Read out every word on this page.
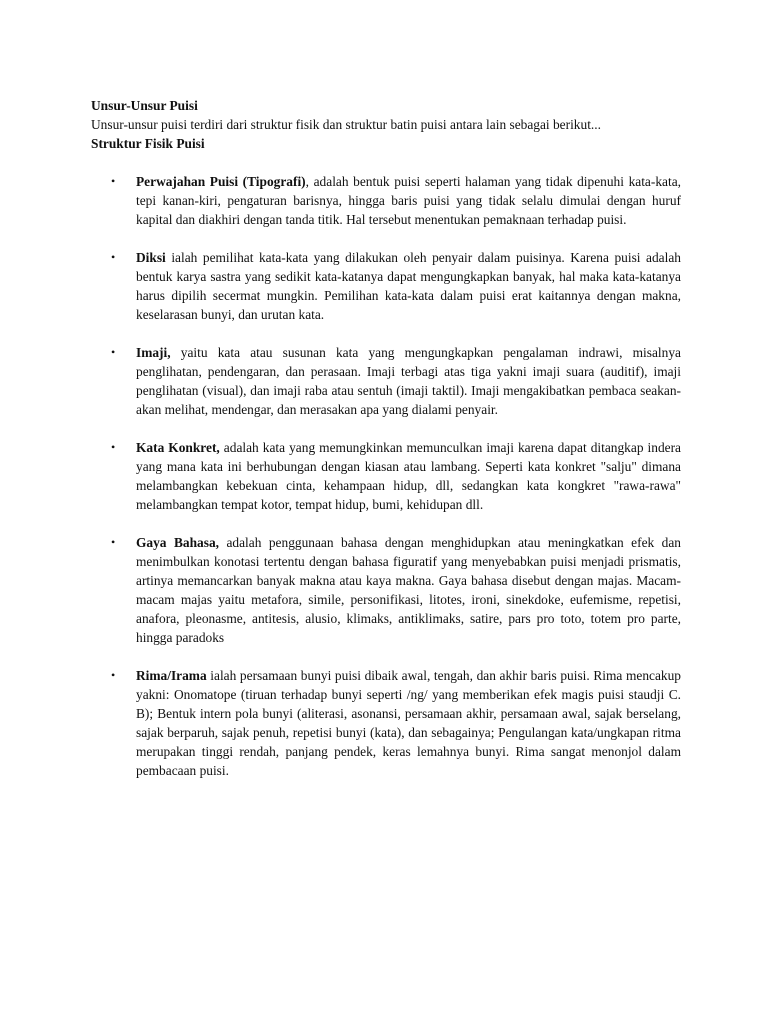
Unsur-Unsur Puisi

Unsur-unsur puisi terdiri dari struktur fisik dan struktur batin puisi antara lain sebagai berikut...

Struktur Fisik Puisi

• Perwajahan Puisi (Tipografi), adalah bentuk puisi seperti halaman yang tidak dipenuhi kata-kata, tepi kanan-kiri, pengaturan barisnya, hingga baris puisi yang tidak selalu dimulai dengan huruf kapital dan diakhiri dengan tanda titik. Hal tersebut menentukan pemaknaan terhadap puisi.
• Diksi ialah pemilihat kata-kata yang dilakukan oleh penyair dalam puisinya. Karena puisi adalah bentuk karya sastra yang sedikit kata-katanya dapat mengungkapkan banyak, hal maka kata-katanya harus dipilih secermat mungkin. Pemilihan kata-kata dalam puisi erat kaitannya dengan makna, keselarasan bunyi, dan urutan kata.
• Imaji, yaitu kata atau susunan kata yang mengungkapkan pengalaman indrawi, misalnya penglihatan, pendengaran, dan perasaan. Imaji terbagi atas tiga yakni imaji suara (auditif), imaji penglihatan (visual), dan imaji raba atau sentuh (imaji taktil). Imaji mengakibatkan pembaca seakan-akan melihat, mendengar, dan merasakan apa yang dialami penyair.
• Kata Konkret, adalah kata yang memungkinkan memunculkan imaji karena dapat ditangkap indera yang mana kata ini berhubungan dengan kiasan atau lambang. Seperti kata konkret "salju" dimana melambangkan kebekuan cinta, kehampaan hidup, dll, sedangkan kata kongkret "rawa-rawa" melambangkan tempat kotor, tempat hidup, bumi, kehidupan dll.
• Gaya Bahasa, adalah penggunaan bahasa dengan menghidupkan atau meningkatkan efek dan menimbulkan konotasi tertentu dengan bahasa figuratif yang menyebabkan puisi menjadi prismatis, artinya memancarkan banyak makna atau kaya makna. Gaya bahasa disebut dengan majas. Macam-macam majas yaitu metafora, simile, personifikasi, litotes, ironi, sinekdoke, eufemisme, repetisi, anafora, pleonasme, antitesis, alusio, klimaks, antiklimaks, satire, pars pro toto, totem pro parte, hingga paradoks
• Rima/Irama ialah persamaan bunyi puisi dibaik awal, tengah, dan akhir baris puisi. Rima mencakup yakni: Onomatope (tiruan terhadap bunyi seperti /ng/ yang memberikan efek magis puisi staudji C. B); Bentuk intern pola bunyi (aliterasi, asonansi, persamaan akhir, persamaan awal, sajak berselang, sajak berparuh, sajak penuh, repetisi bunyi (kata), dan sebagainya; Pengulangan kata/ungkapan ritma merupakan tinggi rendah, panjang pendek, keras lemahnya bunyi. Rima sangat menonjol dalam pembacaan puisi.
